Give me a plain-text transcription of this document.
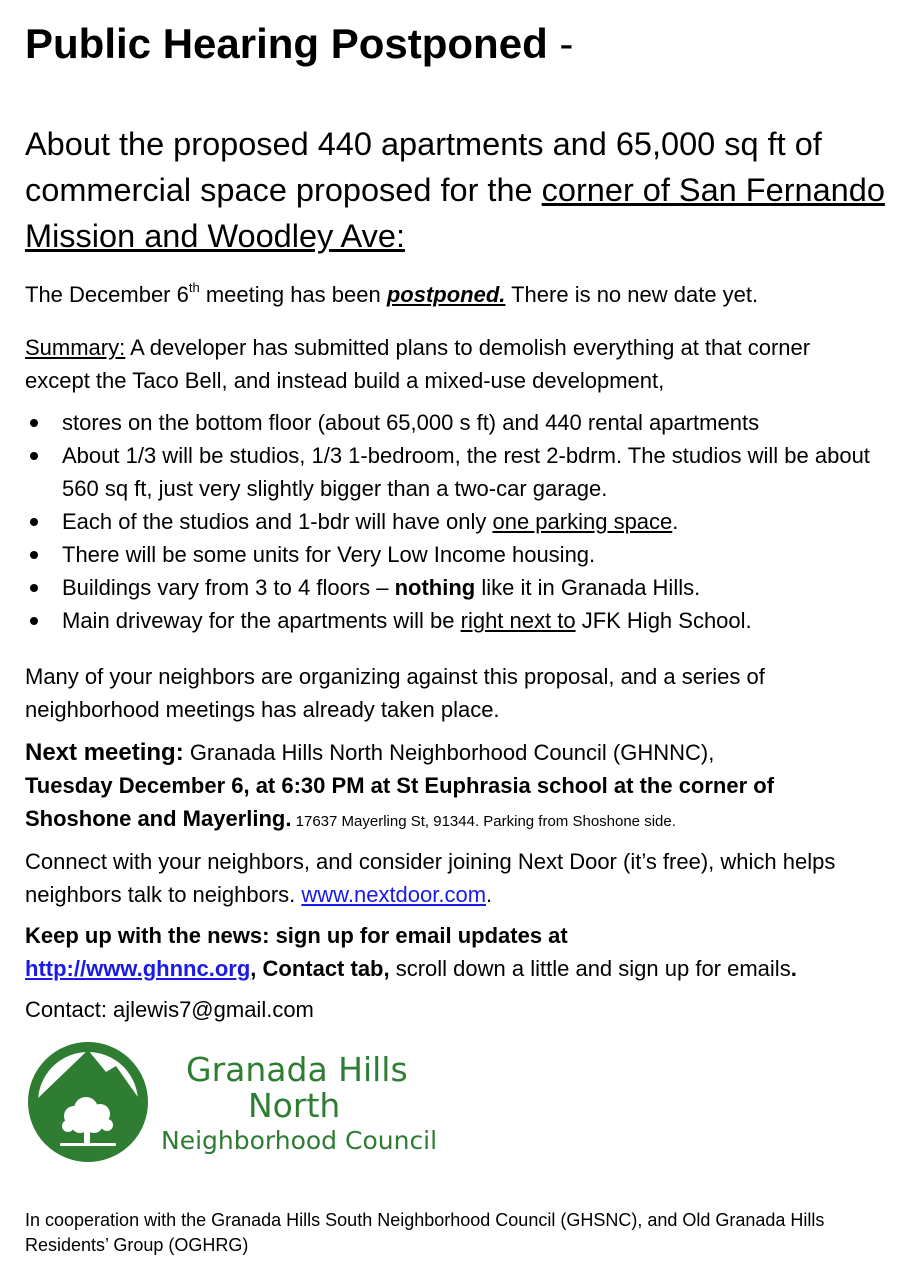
Public Hearing Postponed -
About the proposed 440 apartments and 65,000 sq ft of commercial space proposed for the corner of San Fernando Mission and Woodley Ave:
The December 6th meeting has been postponed. There is no new date yet.
Summary: A developer has submitted plans to demolish everything at that corner except the Taco Bell, and instead build a mixed-use development,
stores on the bottom floor (about 65,000 s ft) and 440 rental apartments
About 1/3 will be studios, 1/3 1-bedroom, the rest 2-bdrm. The studios will be about 560 sq ft, just very slightly bigger than a two-car garage.
Each of the studios and 1-bdr will have only one parking space.
There will be some units for Very Low Income housing.
Buildings vary from 3 to 4 floors – nothing like it in Granada Hills.
Main driveway for the apartments will be right next to JFK High School.
Many of your neighbors are organizing against this proposal, and a series of neighborhood meetings has already taken place.
Next meeting: Granada Hills North Neighborhood Council (GHNNC),
Tuesday December 6, at 6:30 PM at St Euphrasia school at the corner of Shoshone and Mayerling. 17637 Mayerling St, 91344. Parking from Shoshone side.
Connect with your neighbors, and consider joining Next Door (it’s free), which helps neighbors talk to neighbors. www.nextdoor.com.
Keep up with the news: sign up for email updates at
http://www.ghnnc.org, Contact tab, scroll down a little and sign up for emails.
Contact: ajlewis7@gmail.com
In cooperation with the Granada Hills South Neighborhood Council (GHSNC), and Old Granada Hills Residents’ Group (OGHRG)
Granada Hills
North
Neighborhood Council
